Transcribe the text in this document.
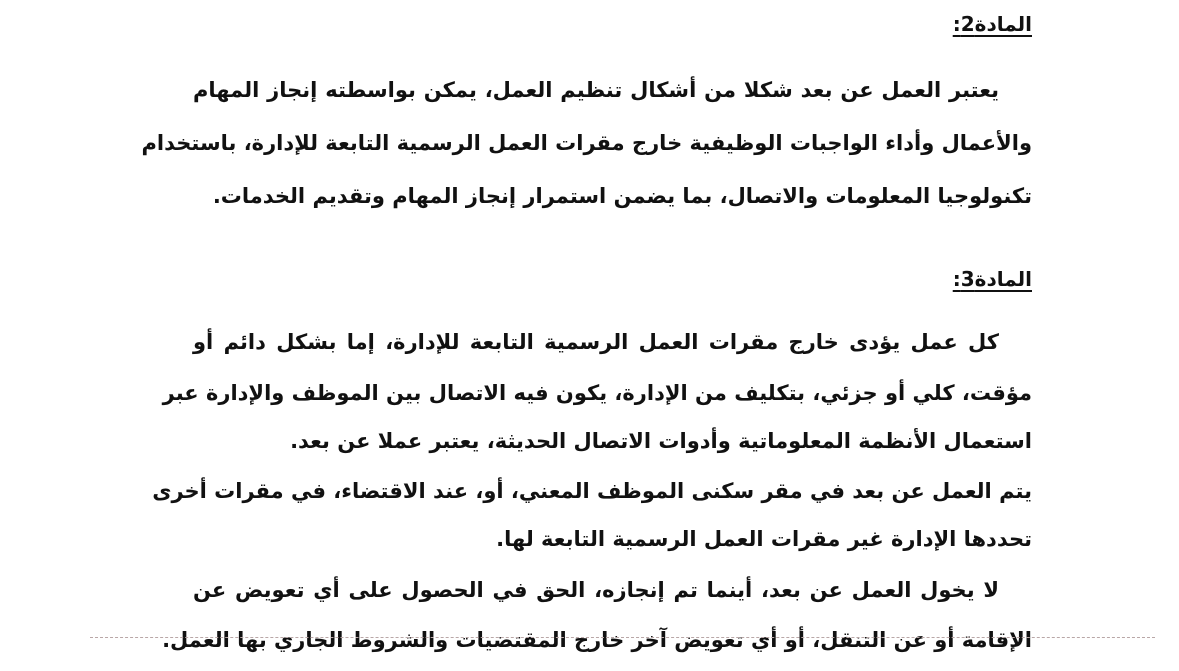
المادة2:
يعتبر العمل عن بعد شكلا من أشكال تنظيم العمل، يمكن بواسطته إنجاز المهام
والأعمال وأداء الواجبات الوظيفية خارج مقرات العمل الرسمية التابعة للإدارة، باستخدام
تكنولوجيا المعلومات والاتصال، بما يضمن استمرار إنجاز المهام وتقديم الخدمات.
المادة3:
كل عمل يؤدى خارج مقرات العمل الرسمية التابعة للإدارة، إما بشكل دائم أو
مؤقت، كلي أو جزئي، بتكليف من الإدارة، يكون فيه الاتصال بين الموظف والإدارة عبر
استعمال الأنظمة المعلوماتية وأدوات الاتصال الحديثة، يعتبر عملا عن بعد.
يتم العمل عن بعد في مقر سكنى الموظف المعني، أو، عند الاقتضاء، في مقرات أخرى
تحددها الإدارة غير مقرات العمل الرسمية التابعة لها.
لا يخول العمل عن بعد، أينما تم إنجازه، الحق في الحصول على أي تعويض عن
الإقامة أو عن التنقل، أو أي تعويض آخر خارج المقتضيات والشروط الجاري بها العمل.
